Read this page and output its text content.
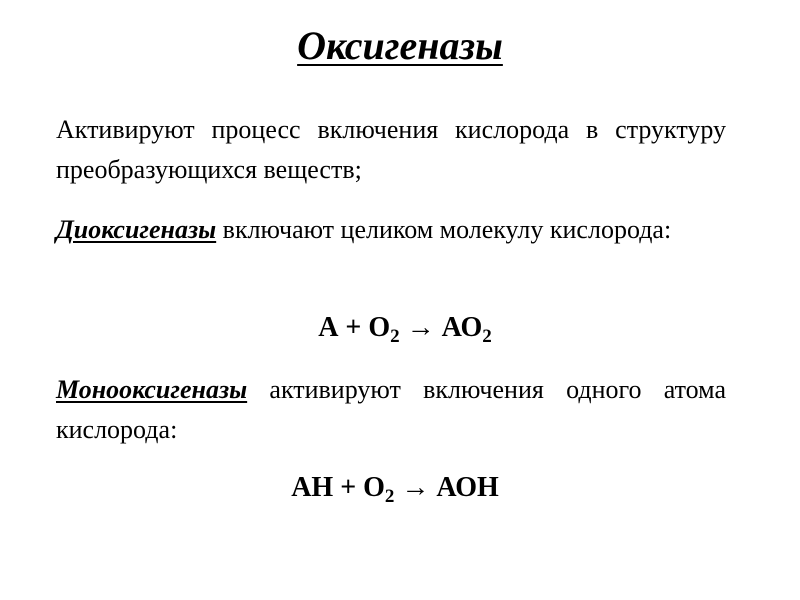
Оксигеназы

Активируют процесс включения кислорода в структуру преобразующихся веществ;

Диоксигеназы включают целиком молекулу кислорода:

$А + О_2 \to АО_2$

Монооксигеназы активируют включения одного атома кислорода:

АН + $О_2$ → АОН
